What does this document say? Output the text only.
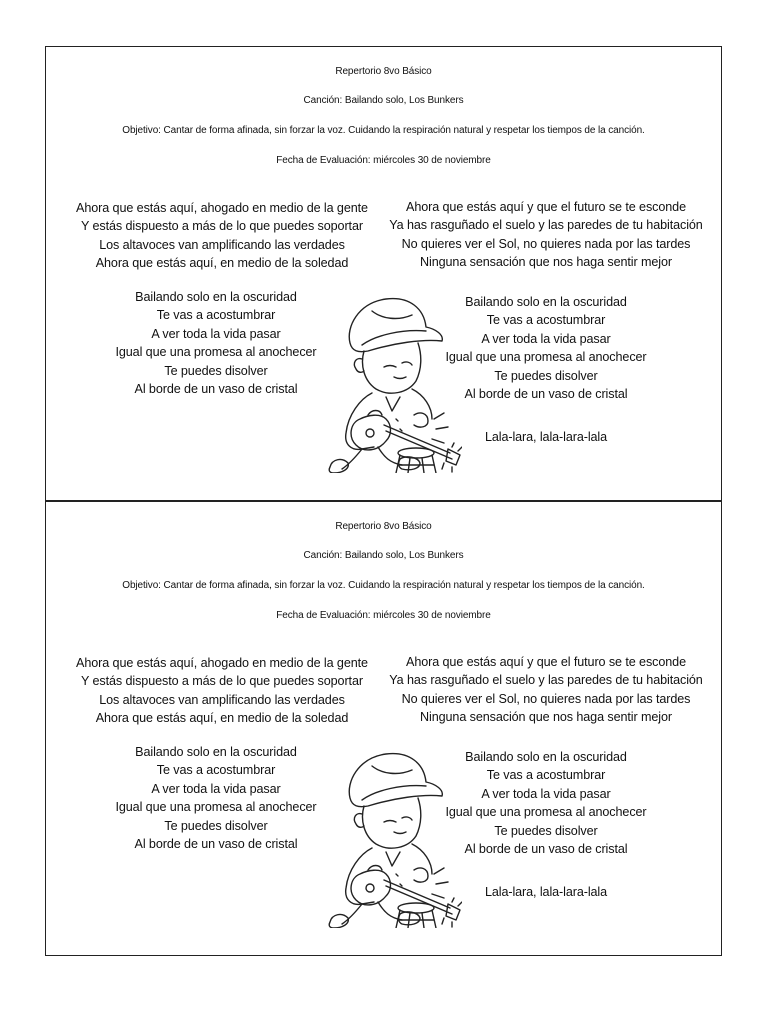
Repertorio 8vo Básico
Canción: Bailando solo, Los Bunkers
Objetivo: Cantar de forma afinada, sin forzar la voz. Cuidando la respiración natural y respetar los tiempos de la canción.
Fecha de Evaluación: miércoles 30 de noviembre
Ahora que estás aquí, ahogado en medio de la gente
Y estás dispuesto a más de lo que puedes soportar
Los altavoces van amplificando las verdades
Ahora que estás aquí, en medio de la soledad
Bailando solo en la oscuridad
Te vas a acostumbrar
A ver toda la vida pasar
Igual que una promesa al anochecer
Te puedes disolver
Al borde de un vaso de cristal
Ahora que estás aquí y que el futuro se te esconde
Ya has rasguñado el suelo y las paredes de tu habitación
No quieres ver el Sol, no quieres nada por las tardes
Ninguna sensación que nos haga sentir mejor
Bailando solo en la oscuridad
Te vas a acostumbrar
A ver toda la vida pasar
Igual que una promesa al anochecer
Te puedes disolver
Al borde de un vaso de cristal
Lala-lara, lala-lara-lala
Repertorio 8vo Básico
Canción: Bailando solo, Los Bunkers
Objetivo: Cantar de forma afinada, sin forzar la voz. Cuidando la respiración natural y respetar los tiempos de la canción.
Fecha de Evaluación: miércoles 30 de noviembre
Ahora que estás aquí, ahogado en medio de la gente
Y estás dispuesto a más de lo que puedes soportar
Los altavoces van amplificando las verdades
Ahora que estás aquí, en medio de la soledad
Bailando solo en la oscuridad
Te vas a acostumbrar
A ver toda la vida pasar
Igual que una promesa al anochecer
Te puedes disolver
Al borde de un vaso de cristal
Ahora que estás aquí y que el futuro se te esconde
Ya has rasguñado el suelo y las paredes de tu habitación
No quieres ver el Sol, no quieres nada por las tardes
Ninguna sensación que nos haga sentir mejor
Bailando solo en la oscuridad
Te vas a acostumbrar
A ver toda la vida pasar
Igual que una promesa al anochecer
Te puedes disolver
Al borde de un vaso de cristal
Lala-lara, lala-lara-lala
